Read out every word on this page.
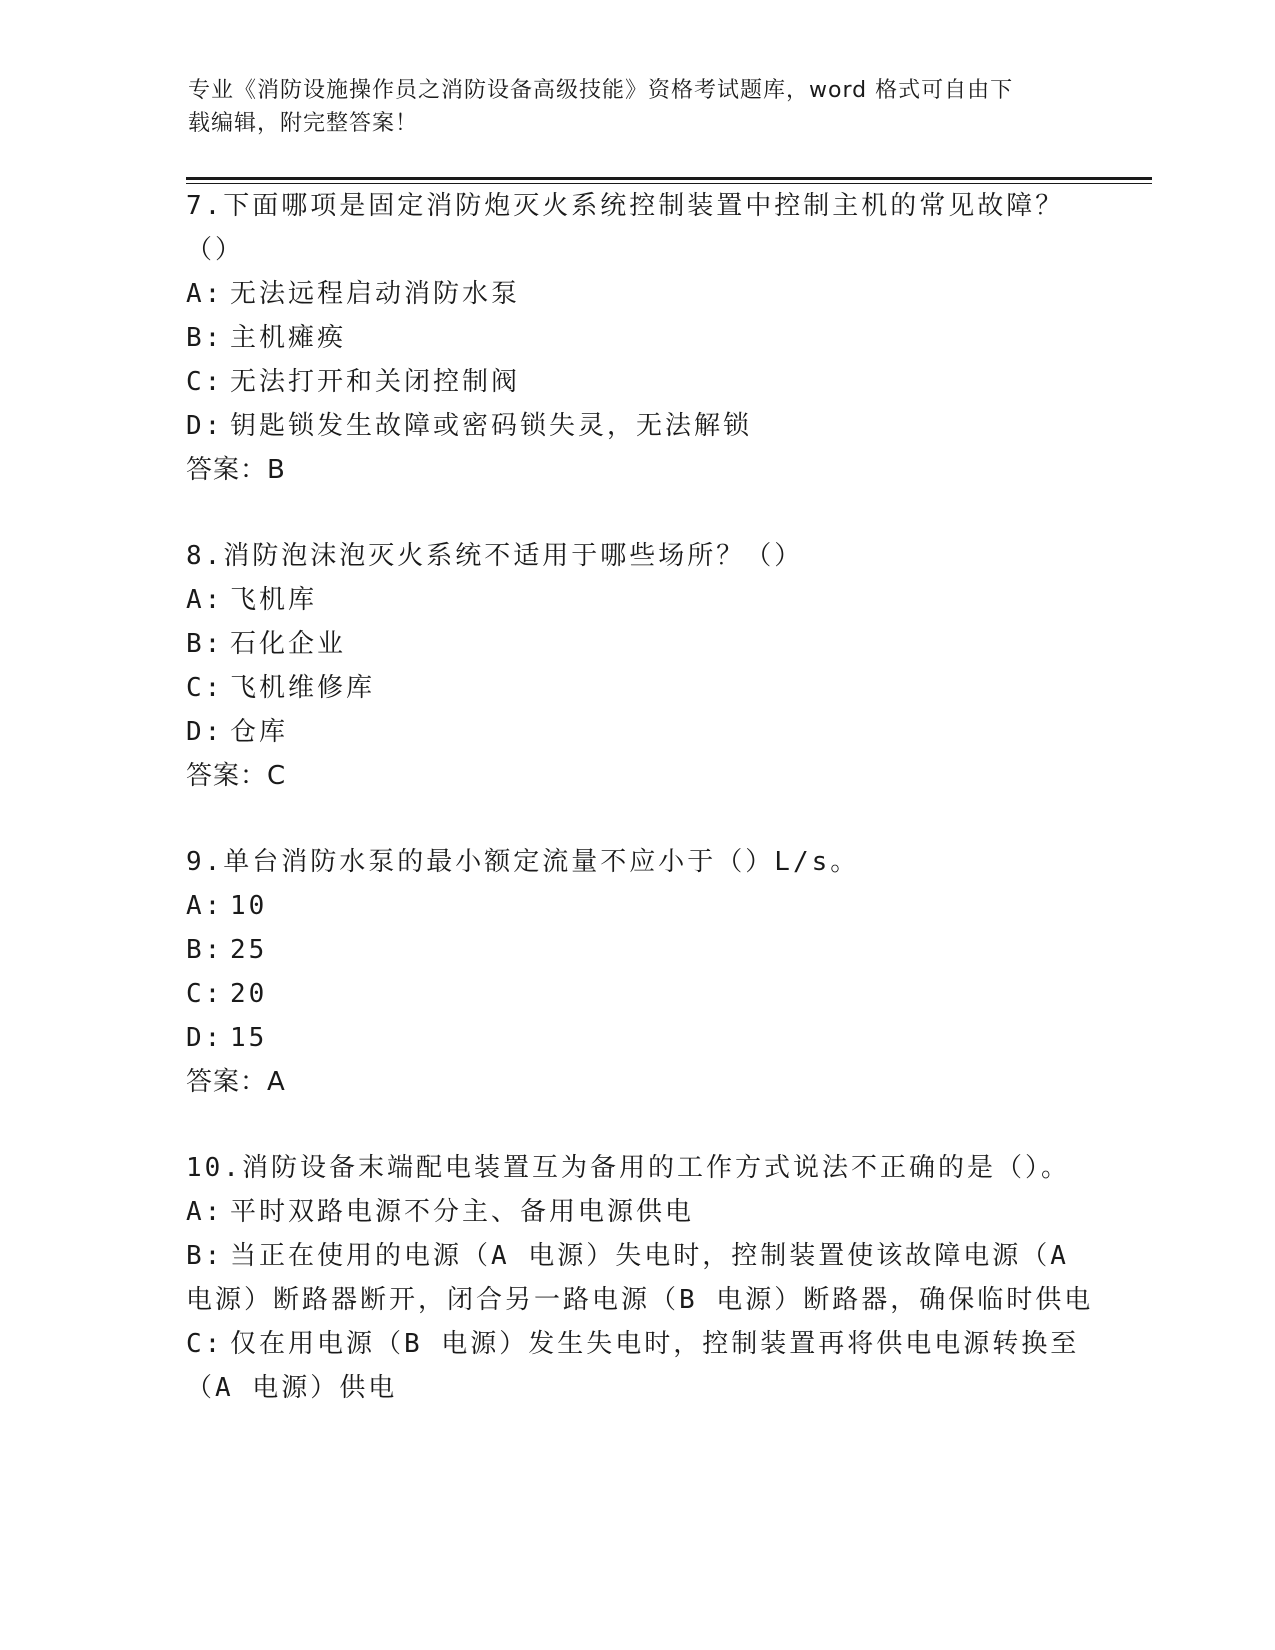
专业《消防设施操作员之消防设备高级技能》资格考试题库，word 格式可自由下
载编辑，附完整答案！
7.下面哪项是固定消防炮灭火系统控制装置中控制主机的常见故障？
（）
A: 无法远程启动消防水泵
B: 主机瘫痪
C: 无法打开和关闭控制阀
D: 钥匙锁发生故障或密码锁失灵，无法解锁
答案：B
8.消防泡沫泡灭火系统不适用于哪些场所？（）
A: 飞机库
B: 石化企业
C: 飞机维修库
D: 仓库
答案：C
9.单台消防水泵的最小额定流量不应小于（）L/s。
A: 10
B: 25
C: 20
D: 15
答案：A
10.消防设备末端配电装置互为备用的工作方式说法不正确的是（）。
A: 平时双路电源不分主、备用电源供电
B: 当正在使用的电源（A 电源）失电时，控制装置使该故障电源（A
电源）断路器断开，闭合另一路电源（B 电源）断路器，确保临时供电
C: 仅在用电源（B 电源）发生失电时，控制装置再将供电电源转换至
（A 电源）供电
